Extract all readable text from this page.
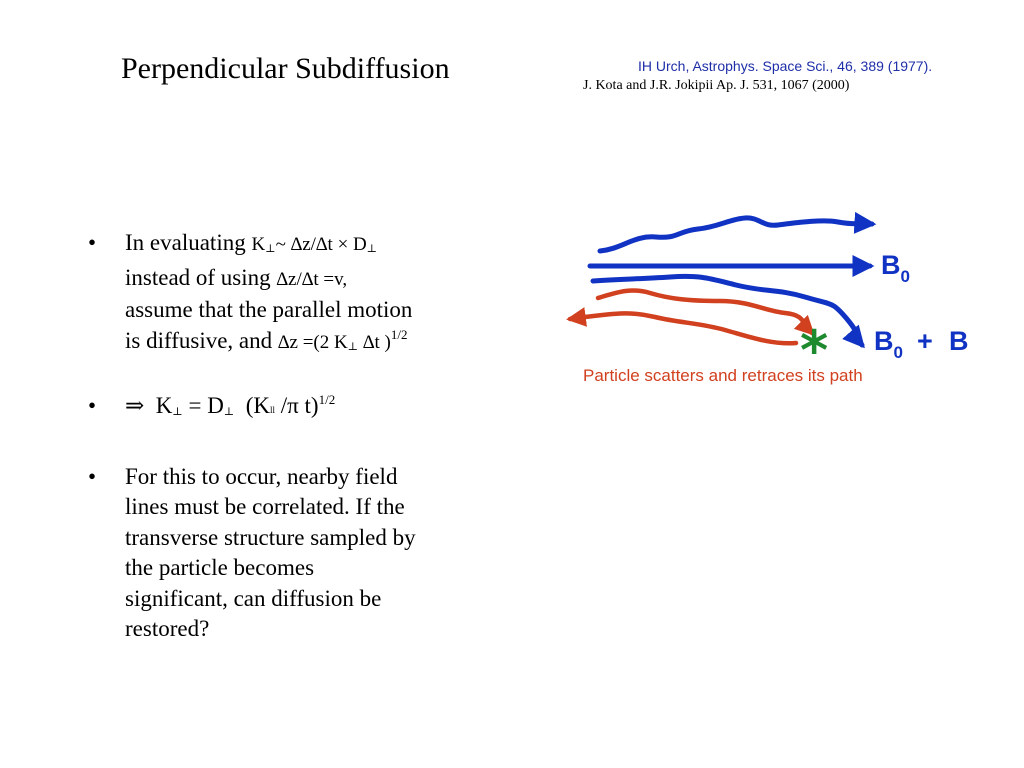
Perpendicular Subdiffusion	IH Urch, Astrophys. Space Sci., 46, 389 (1977).
J. Kota and J.R. Jokipii Ap. J. 531, 1067 (2000)
• In evaluating K⊥~ ∆z/∆t × D⊥
instead of using ∆z/∆t =v,
assume that the parallel motion
is diffusive, and ∆z =(2 K⊥ ∆t )$^{1/2}$
• ⇒ K⊥ = D⊥ (Kll /π t)$^{1/2}$
• For this to occur, nearby field
lines must be correlated. If the
transverse structure sampled by
the particle becomes
significant, can diffusion be
restored?
$B_0$
$B_0 + B$
*
Particle scatters and retraces its path
